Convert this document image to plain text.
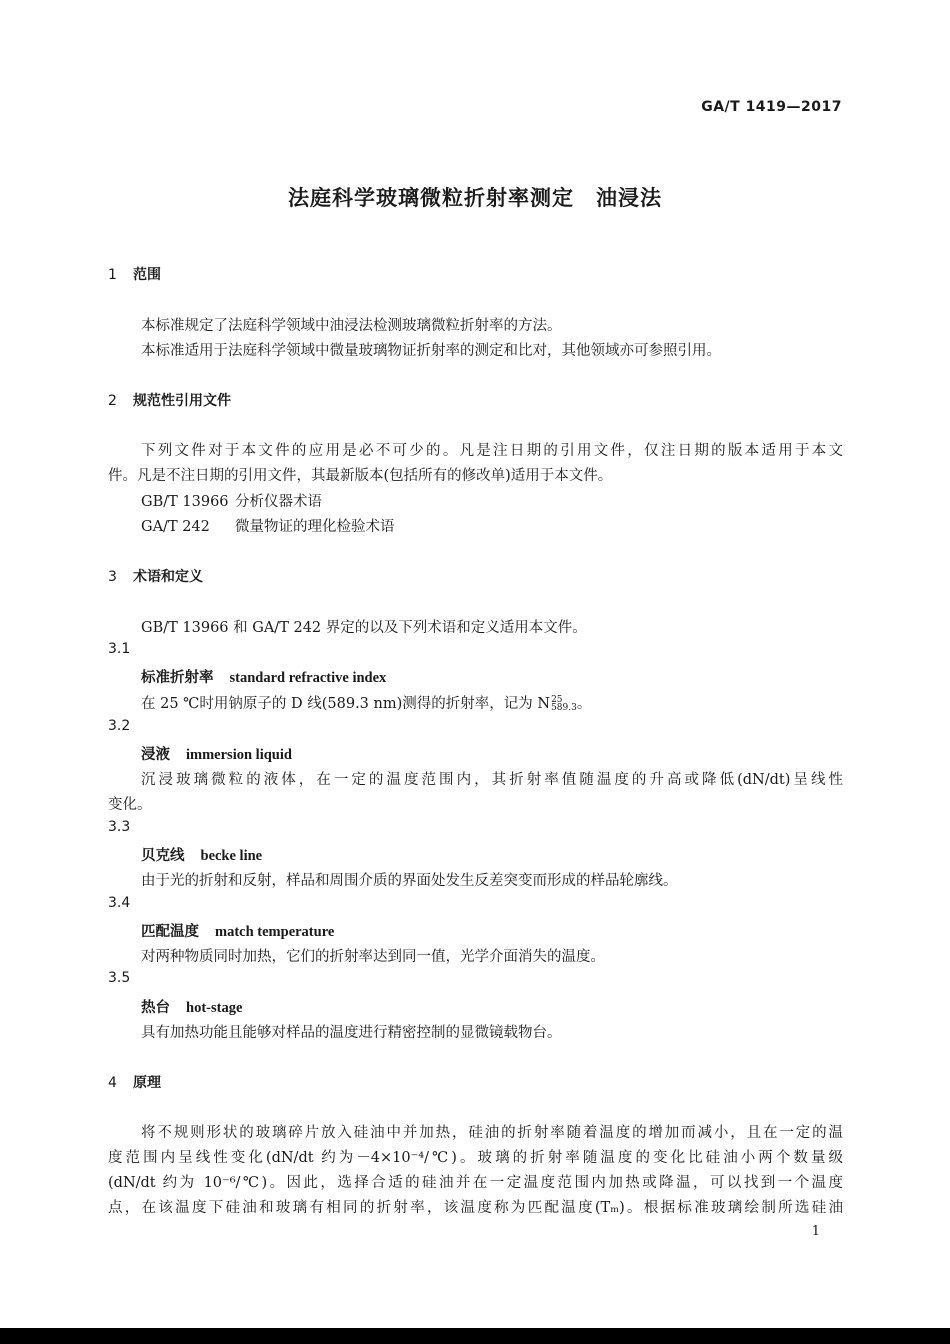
GA/T 1419—2017
法庭科学玻璃微粒折射率测定　油浸法
1 范围
本标准规定了法庭科学领域中油浸法检测玻璃微粒折射率的方法。
本标准适用于法庭科学领域中微量玻璃物证折射率的测定和比对，其他领域亦可参照引用。
2 规范性引用文件
下列文件对于本文件的应用是必不可少的。凡是注日期的引用文件，仅注日期的版本适用于本文
件。凡是不注日期的引用文件，其最新版本(包括所有的修改单)适用于本文件。
GB/T 13966 分析仪器术语
GA/T 242 微量物证的理化检验术语
3 术语和定义
GB/T 13966 和 GA/T 242 界定的以及下列术语和定义适用本文件。
3.1
标准折射率 standard refractive index
在 25 ℃时用钠原子的 D 线(589.3 nm)测得的折射率，记为 N 25
589.3 。
3.2
浸液 immersion liquid
沉浸玻璃微粒的液体，在一定的温度范围内，其折射率值随温度的升高或降低(dN/dt)呈线性
变化。
3.3
贝克线 becke line
由于光的折射和反射，样品和周围介质的界面处发生反差突变而形成的样品轮廓线。
3.4
匹配温度 match temperature
对两种物质同时加热，它们的折射率达到同一值，光学介面消失的温度。
3.5
热台 hot-stage
具有加热功能且能够对样品的温度进行精密控制的显微镜载物台。
4 原理
将不规则形状的玻璃碎片放入硅油中并加热，硅油的折射率随着温度的增加而减小，且在一定的温
度范围内呈线性变化(dN/dt 约为－4×10⁻⁴/℃)。玻璃的折射率随温度的变化比硅油小两个数量级
(dN/dt 约为 10⁻⁶/℃)。因此，选择合适的硅油并在一定温度范围内加热或降温，可以找到一个温度
点，在该温度下硅油和玻璃有相同的折射率，该温度称为匹配温度(Tₘ)。根据标准玻璃绘制所选硅油
1
